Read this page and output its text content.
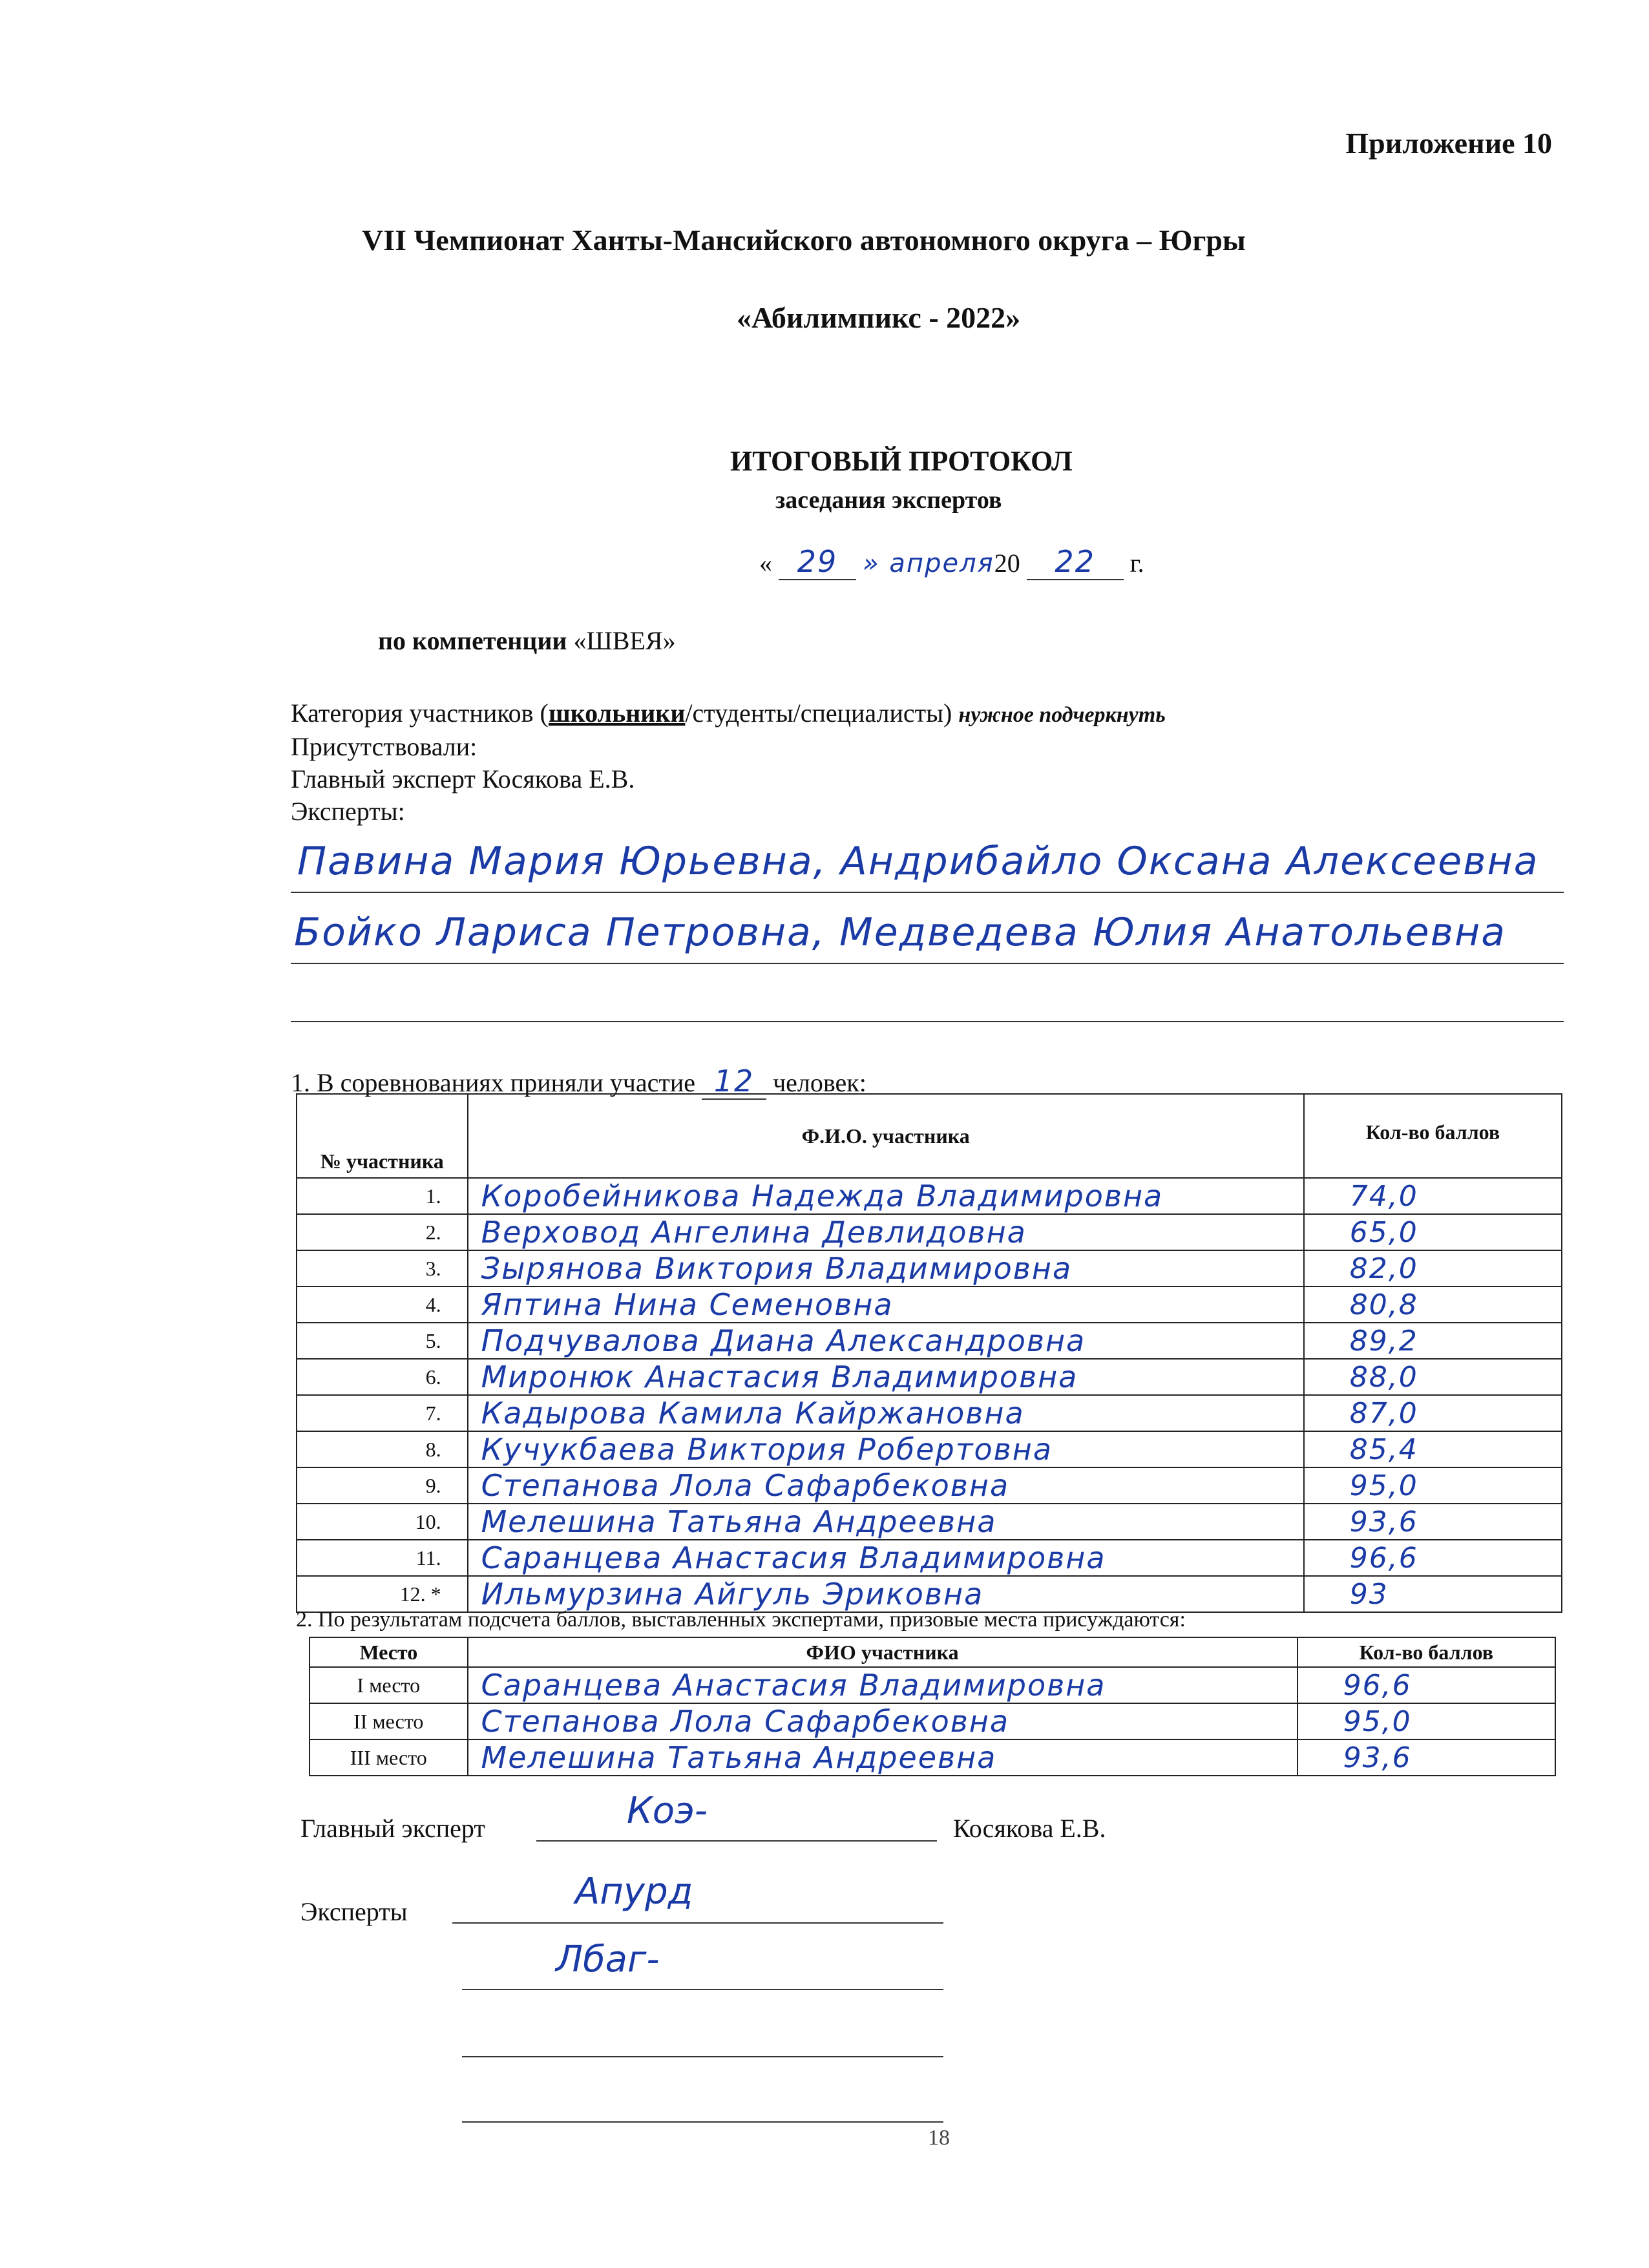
Приложение 10
VII Чемпионат Ханты-Мансийского автономного округа – Югры
«Абилимпикс - 2022»
ИТОГОВЫЙ ПРОТОКОЛ
заседания экспертов
« 29 » апреля20 22 г.
по компетенции «ШВЕЯ»
Категория участников (школьники/студенты/специалисты) нужное подчеркнуть
Присутствовали:
Главный эксперт Косякова Е.В.
Эксперты:
Павина Мария Юрьевна, Андрибайло Оксана Алексеевна
Бойко Лариса Петровна, Медведева Юлия Анатольевна
1. В соревнованиях приняли участие 12 человек:
№ участника	Ф.И.О. участника	Кол-во баллов
1.	Коробейникова Надежда Владимировна	74,0
2.	Верховод Ангелина Девлидовна	65,0
3.	Зырянова Виктория Владимировна	82,0
4.	Яптина Нина Семеновна	80,8
5.	Подчувалова Диана Александровна	89,2
6.	Миронюк Анастасия Владимировна	88,0
7.	Кадырова Камила Кайржановна	87,0
8.	Кучукбаева Виктория Робертовна	85,4
9.	Степанова Лола Сафарбековна	95,0
10.	Мелешина Татьяна Андреевна	93,6
11.	Саранцева Анастасия Владимировна	96,6
12. *	Ильмурзина Айгуль Эриковна	93
2. По результатам подсчета баллов, выставленных экспертами, призовые места присуждаются:
Место	ФИО участника	Кол-во баллов
I место	Саранцева Анастасия Владимировна	96,6
II место	Степанова Лола Сафарбековна	95,0
III место	Мелешина Татьяна Андреевна	93,6
Главный эксперт	Коэ-	Косякова Е.В.
Эксперты	Апурд
Лбаг-
18
